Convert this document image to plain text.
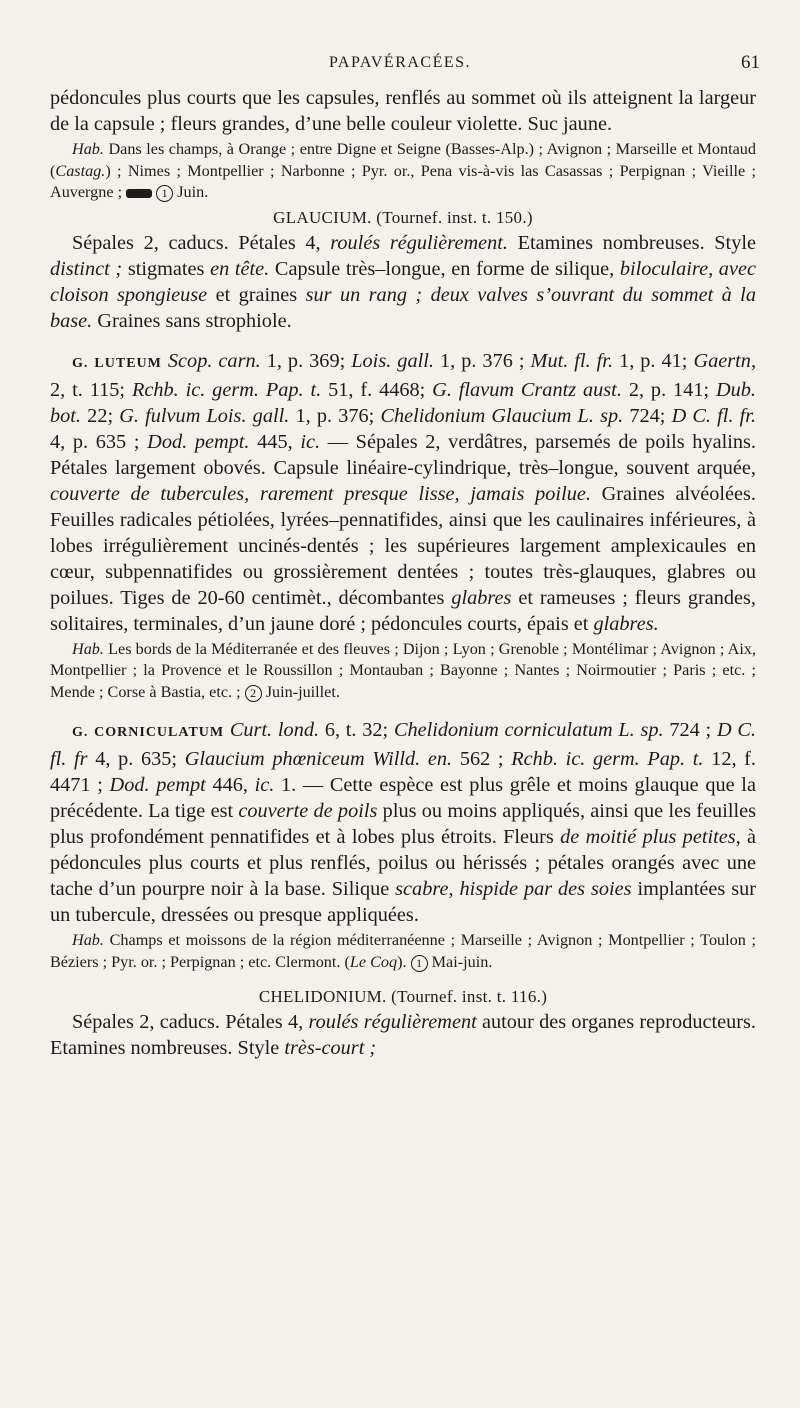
PAPAVÉRACÉES.	61

pédoncules plus courts que les capsules, renflés au sommet où ils atteignent la largeur de la capsule ; fleurs grandes, d’une belle couleur violette. Suc jaune.

Hab. Dans les champs, à Orange ; entre Digne et Seigne (Basses-Alp.) ; Avignon ; Marseille et Montaud (Castag.) ; Nimes ; Montpellier ; Narbonne ; Pyr. or., Pena vis-à-vis las Casassas ; Perpignan ; Vieille ; Auvergne ;	1 Juin.

GLAUCIUM. (Tournef. inst. t. 150.)

Sépales 2, caducs. Pétales 4, roulés régulièrement. Etamines nombreuses. Style distinct ; stigmates en tête. Capsule très–longue, en forme de silique, biloculaire, avec cloison spongieuse et graines sur un rang ; deux valves s’ouvrant du sommet à la base. Graines sans strophiole.

G. LUTEUM Scop. carn. 1, p. 369; Lois. gall. 1, p. 376 ; Mut. fl. fr. 1, p. 41; Gaertn, 2, t. 115; Rchb. ic. germ. Pap. t. 51, f. 4468; G. flavum Crantz aust. 2, p. 141; Dub. bot. 22; G. fulvum Lois. gall. 1, p. 376; Chelidonium Glaucium L. sp. 724; D C. fl. fr. 4, p. 635 ; Dod. pempt. 445, ic. — Sépales 2, verdâtres, parsemés de poils hyalins. Pétales largement obovés. Capsule linéaire-cylindrique, très–longue, souvent arquée, couverte de tubercules, rarement presque lisse, jamais poilue. Graines alvéolées. Feuilles radicales pétiolées, lyrées–pennatifides, ainsi que les caulinaires inférieures, à lobes irrégulièrement uncinés-dentés ; les supérieures largement amplexicaules en cœur, subpennatifides ou grossièrement dentées ; toutes très-glauques, glabres ou poilues. Tiges de 20-60 centimèt., décombantes glabres et rameuses ; fleurs grandes, solitaires, terminales, d’un jaune doré ; pédoncules courts, épais et glabres.

Hab. Les bords de la Méditerranée et des fleuves ; Dijon ; Lyon ; Grenoble ; Montélimar ; Avignon ; Aix, Montpellier ; la Provence et le Roussillon ; Montauban ; Bayonne ; Nantes ; Noirmoutier ; Paris ; etc. ; Mende ; Corse à Bastia, etc. ; 2 Juin-juillet.

G. CORNICULATUM Curt. lond. 6, t. 32; Chelidonium corniculatum L. sp. 724 ; D C. fl. fr 4, p. 635; Glaucium phœniceum Willd. en. 562 ; Rchb. ic. germ. Pap. t. 12, f. 4471 ; Dod. pempt 446, ic. 1. — Cette espèce est plus grêle et moins glauque que la précédente. La tige est couverte de poils plus ou moins appliqués, ainsi que les feuilles plus profondément pennatifides et à lobes plus étroits. Fleurs de moitié plus petites, à pédoncules plus courts et plus renflés, poilus ou hérissés ; pétales orangés avec une tache d’un pourpre noir à la base. Silique scabre, hispide par des soies implantées sur un tubercule, dressées ou presque appliquées.

Hab. Champs et moissons de la région méditerranéenne ; Marseille ; Avignon ; Montpellier ; Toulon ; Béziers ; Pyr. or. ; Perpignan ; etc. Clermont. (Le Coq). 1 Mai-juin.

CHELIDONIUM. (Tournef. inst. t. 116.)

Sépales 2, caducs. Pétales 4, roulés régulièrement autour des organes reproducteurs. Etamines nombreuses. Style très-court ;
